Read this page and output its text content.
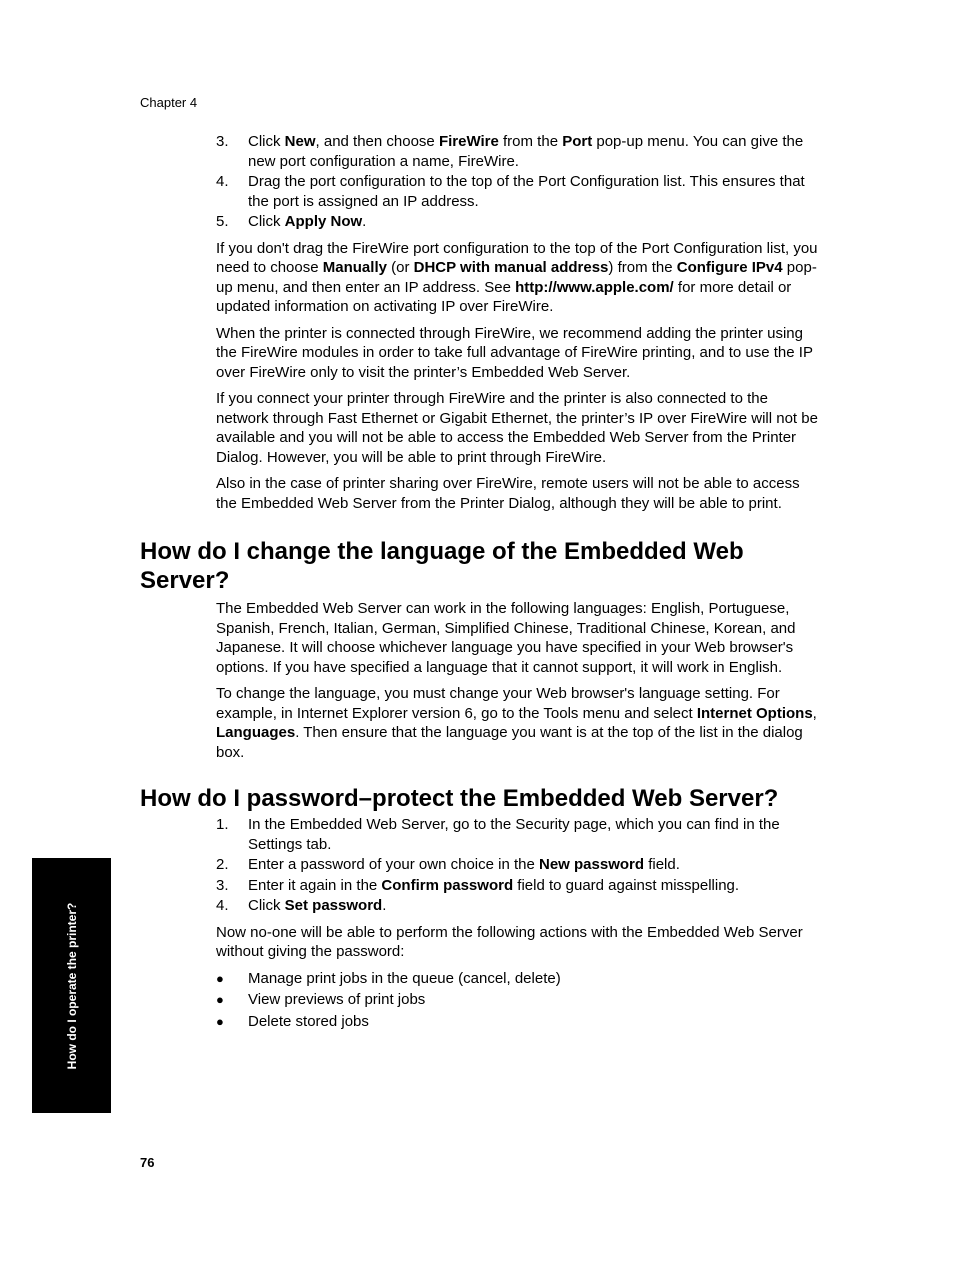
Chapter 4
3. Click New, and then choose FireWire from the Port pop-up menu. You can give the new port configuration a name, FireWire.
4. Drag the port configuration to the top of the Port Configuration list. This ensures that the port is assigned an IP address.
5. Click Apply Now.

If you don't drag the FireWire port configuration to the top of the Port Configuration list, you need to choose Manually (or DHCP with manual address) from the Configure IPv4 pop-up menu, and then enter an IP address. See http://www.apple.com/ for more detail or updated information on activating IP over FireWire.

When the printer is connected through FireWire, we recommend adding the printer using the FireWire modules in order to take full advantage of FireWire printing, and to use the IP over FireWire only to visit the printer’s Embedded Web Server.

If you connect your printer through FireWire and the printer is also connected to the network through Fast Ethernet or Gigabit Ethernet, the printer’s IP over FireWire will not be available and you will not be able to access the Embedded Web Server from the Printer Dialog. However, you will be able to print through FireWire.

Also in the case of printer sharing over FireWire, remote users will not be able to access the Embedded Web Server from the Printer Dialog, although they will be able to print.

How do I change the language of the Embedded Web Server?

The Embedded Web Server can work in the following languages: English, Portuguese, Spanish, French, Italian, German, Simplified Chinese, Traditional Chinese, Korean, and Japanese. It will choose whichever language you have specified in your Web browser's options. If you have specified a language that it cannot support, it will work in English.

To change the language, you must change your Web browser's language setting. For example, in Internet Explorer version 6, go to the Tools menu and select Internet Options, Languages. Then ensure that the language you want is at the top of the list in the dialog box.

How do I password–protect the Embedded Web Server?
1. In the Embedded Web Server, go to the Security page, which you can find in the Settings tab.
2. Enter a password of your own choice in the New password field.
3. Enter it again in the Confirm password field to guard against misspelling.
4. Click Set password.

Now no-one will be able to perform the following actions with the Embedded Web Server without giving the password:

● Manage print jobs in the queue (cancel, delete)
● View previews of print jobs
● Delete stored jobs
How do I operate the printer?
76
